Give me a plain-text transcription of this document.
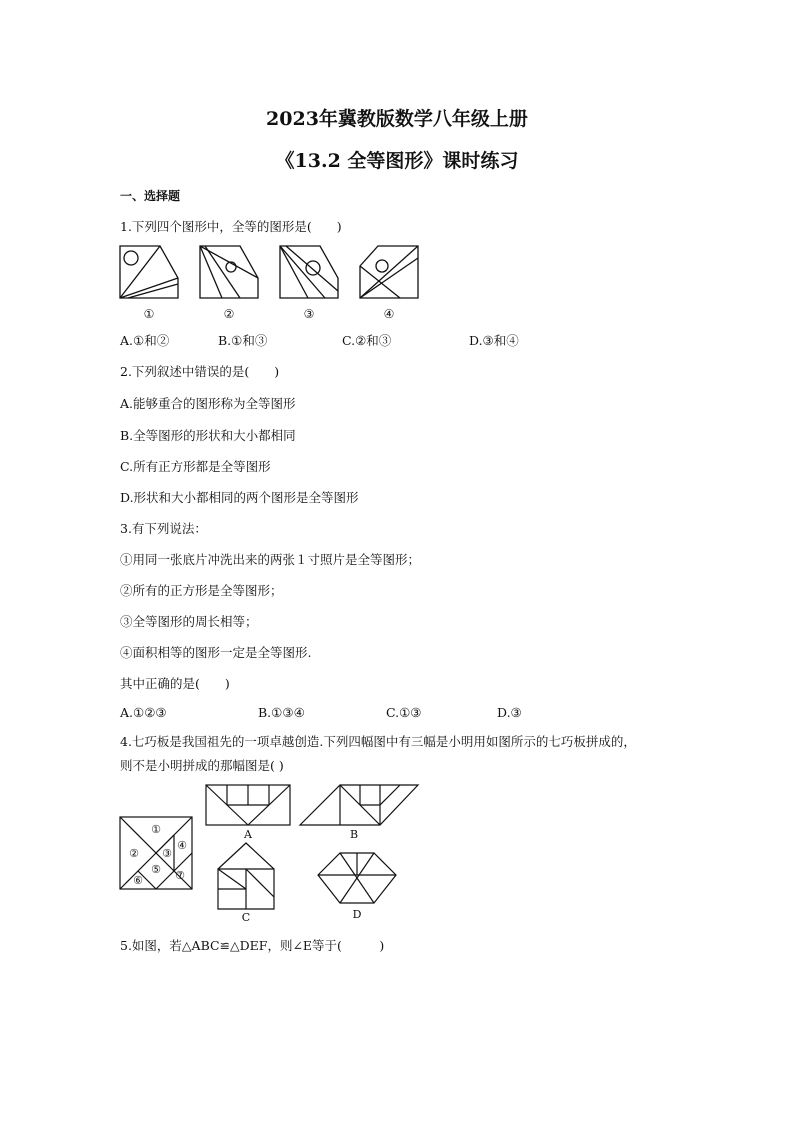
2023年冀教版数学八年级上册
《13.2 全等图形》课时练习
一、选择题
1.下列四个图形中，全等的图形是(　　)
①	②	③	④
A.①和②	B.①和③	C.②和③	D.③和④
2.下列叙述中错误的是(　　)
A.能够重合的图形称为全等图形
B.全等图形的形状和大小都相同
C.所有正方形都是全等图形
D.形状和大小都相同的两个图形是全等图形
3.有下列说法：
①用同一张底片冲洗出来的两张１寸照片是全等图形；
②所有的正方形是全等图形；
③全等图形的周长相等；
④面积相等的图形一定是全等图形.
其中正确的是(　　)
A.①②③	B.①③④	C.①③	D.③
4.七巧板是我国祖先的一项卓越创造.下列四幅图中有三幅是小明用如图所示的七巧板拼成的，
则不是小明拼成的那幅图是( )
①
② ③
④
⑤
⑥	⑦
A	B
C	D
5.如图，若△ABC≌△DEF，则∠E等于(　　　)
